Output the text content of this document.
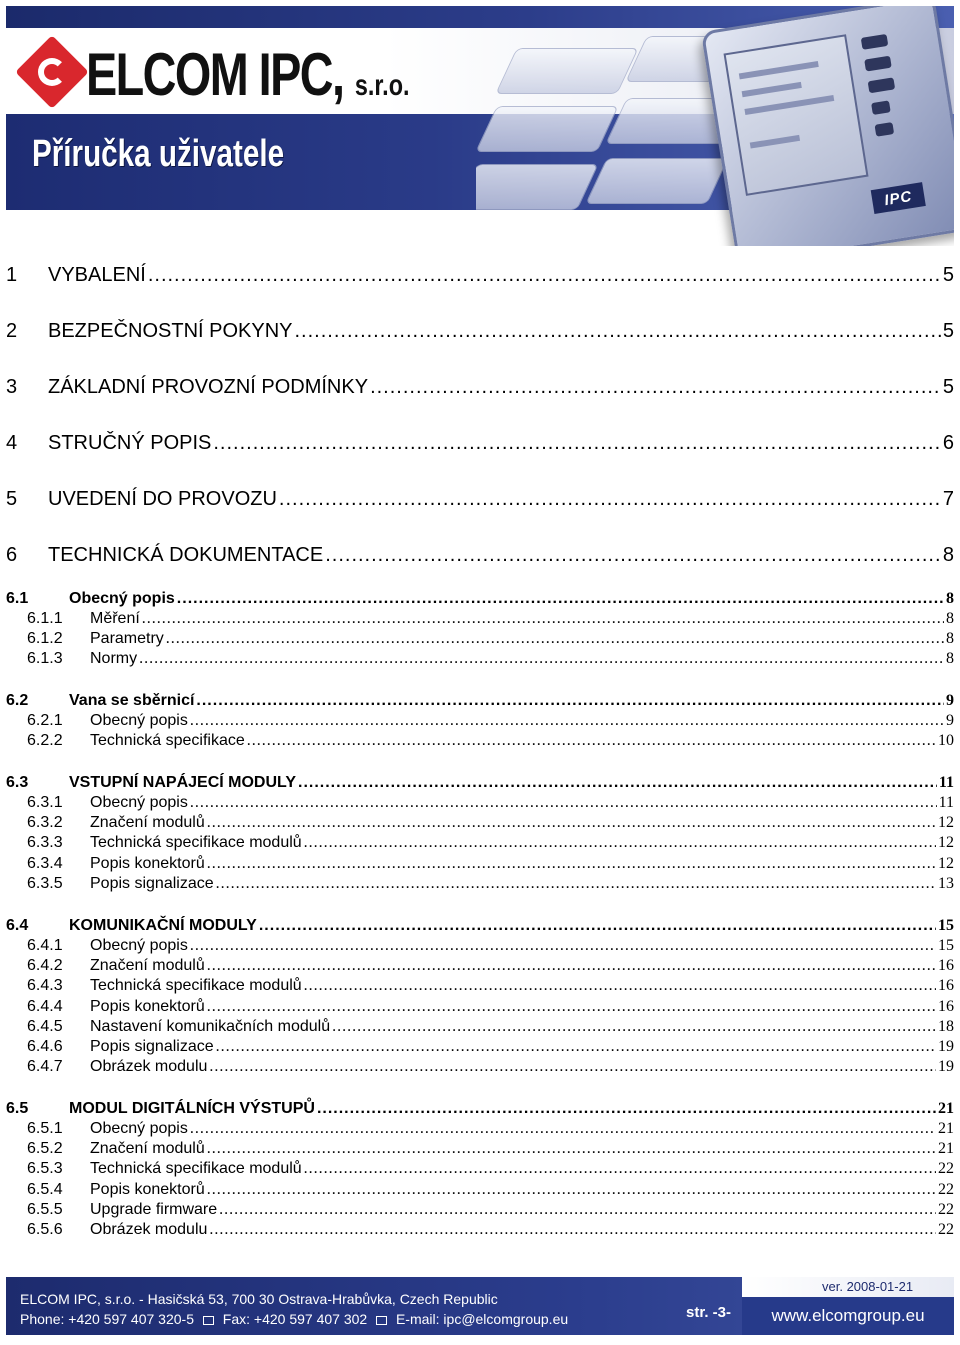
IPC
ELCOM IPC, s.r.o.
Příručka uživatele
1	VYBALENÍ .....	5
2	BEZPEČNOSTNÍ POKYNY .....	5
3	ZÁKLADNÍ PROVOZNÍ PODMÍNKY .....	5
4	STRUČNÝ POPIS .....	6
5	UVEDENÍ DO PROVOZU .....	7
6	TECHNICKÁ DOKUMENTACE .....	8
6.1	Obecný popis .....	8
6.1.1	Měření .....	8
6.1.2	Parametry .....	8
6.1.3	Normy .....	8
6.2	Vana se sběrnicí .....	9
6.2.1	Obecný popis .....	9
6.2.2	Technická specifikace .....	10
6.3	VSTUPNÍ NAPÁJECÍ MODULY .....	11
6.3.1	Obecný popis .....	11
6.3.2	Značení modulů .....	12
6.3.3	Technická specifikace modulů .....	12
6.3.4	Popis konektorů .....	12
6.3.5	Popis signalizace .....	13
6.4	KOMUNIKAČNÍ MODULY .....	15
6.4.1	Obecný popis .....	15
6.4.2	Značení modulů .....	16
6.4.3	Technická specifikace modulů .....	16
6.4.4	Popis konektorů .....	16
6.4.5	Nastavení komunikačních modulů .....	18
6.4.6	Popis signalizace .....	19
6.4.7	Obrázek modulu .....	19
6.5	MODUL DIGITÁLNÍCH VÝSTUPŮ .....	21
6.5.1	Obecný popis .....	21
6.5.2	Značení modulů .....	21
6.5.3	Technická specifikace modulů .....	22
6.5.4	Popis konektorů .....	22
6.5.5	Upgrade firmware .....	22
6.5.6	Obrázek modulu .....	22
ELCOM IPC, s.r.o. - Hasičská 53, 700 30 Ostrava-Hrabůvka, Czech Republic
Phone: +420 597 407 320-5 Fax: +420 597 407 302 E-mail: ipc@elcomgroup.eu	str. -3-
ver. 2008-01-21
www.elcomgroup.eu
